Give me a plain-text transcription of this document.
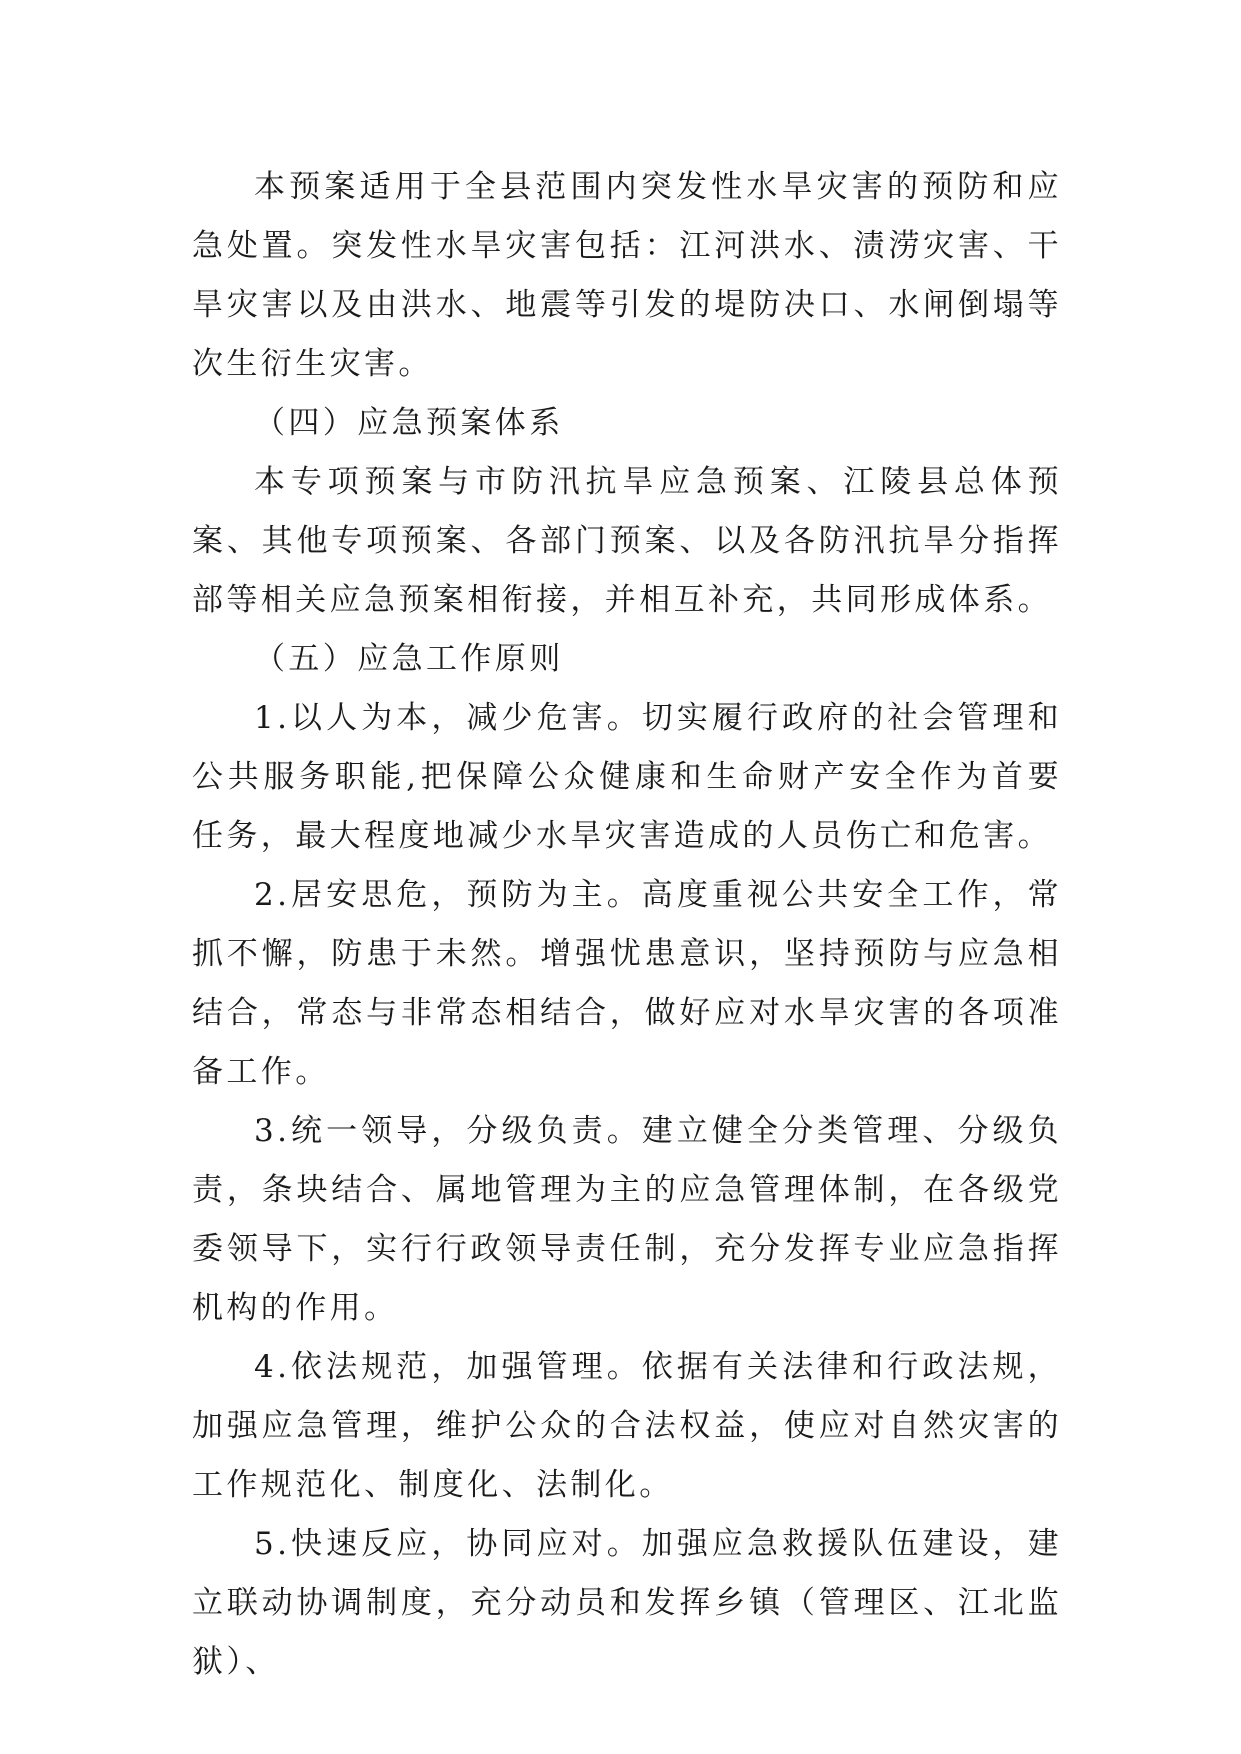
本预案适用于全县范围内突发性水旱灾害的预防和应急处置。突发性水旱灾害包括：江河洪水、渍涝灾害、干旱灾害以及由洪水、地震等引发的堤防决口、水闸倒塌等次生衍生灾害。

（四）应急预案体系

本专项预案与市防汛抗旱应急预案、江陵县总体预案、其他专项预案、各部门预案、以及各防汛抗旱分指挥部等相关应急预案相衔接，并相互补充，共同形成体系。

（五）应急工作原则

1.以人为本，减少危害。切实履行政府的社会管理和公共服务职能,把保障公众健康和生命财产安全作为首要任务，最大程度地减少水旱灾害造成的人员伤亡和危害。

2.居安思危，预防为主。高度重视公共安全工作，常抓不懈，防患于未然。增强忧患意识，坚持预防与应急相结合，常态与非常态相结合，做好应对水旱灾害的各项准备工作。

3.统一领导，分级负责。建立健全分类管理、分级负责，条块结合、属地管理为主的应急管理体制，在各级党委领导下，实行行政领导责任制，充分发挥专业应急指挥机构的作用。

4.依法规范，加强管理。依据有关法律和行政法规，加强应急管理，维护公众的合法权益，使应对自然灾害的工作规范化、制度化、法制化。

5.快速反应，协同应对。加强应急救援队伍建设，建立联动协调制度，充分动员和发挥乡镇（管理区、江北监狱）、
